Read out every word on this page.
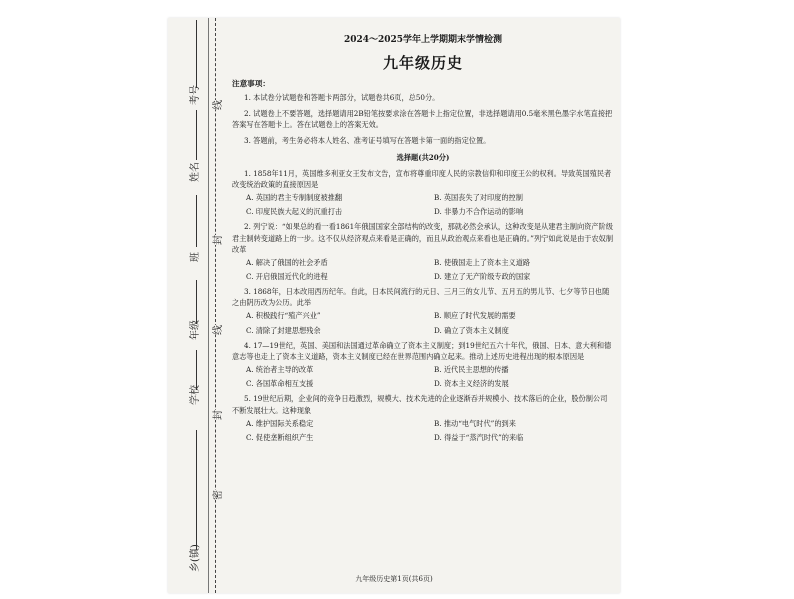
考号
姓名
班
年级
学校
乡(镇)
线
封
线
封
密
2024～2025学年上学期期末学情检测
九年级历史
注意事项：
1. 本试卷分试题卷和答题卡两部分，试题卷共6页，总50分。
2. 试题卷上不要答题，选择题请用2B铅笔按要求涂在答题卡上指定位置，非选择题请用0.5毫米黑色墨字水笔直接把答案写在答题卡上。答在试题卷上的答案无效。
3. 答题前，考生务必将本人姓名、准考证号填写在答题卡第一面的指定位置。
选择题(共20分)
1. 1858年11月，英国维多利亚女王发布文告，宣布将尊重印度人民的宗教信仰和印度王公的权利。导致英国殖民者改变统治政策的直接原因是
A. 英国的君主专制制度被推翻	B. 英国丧失了对印度的控制
C. 印度民族大起义的沉重打击	D. 非暴力不合作运动的影响
2. 列宁说：“如果总的看一看1861年俄国国家全部结构的改变，那就必然会承认，这种改变是从建君主制向资产阶级君主制转变道路上的一步。这不仅从经济观点来看是正确的，而且从政治观点来看也是正确的。”列宁如此说是由于农奴制改革
A. 解决了俄国的社会矛盾	B. 使俄国走上了资本主义道路
C. 开启俄国近代化的进程	D. 建立了无产阶级专政的国家
3. 1868年，日本改用西历纪年。自此，日本民间流行的元日、三月三的女儿节、五月五的男儿节、七夕等节日也随之由阴历改为公历。此举
A. 积极践行“殖产兴业”	B. 顺应了时代发展的需要
C. 清除了封建思想残余	D. 确立了资本主义制度
4. 17—19世纪，英国、美国和法国通过革命确立了资本主义制度；到19世纪五六十年代，俄国、日本、意大利和德意志等也走上了资本主义道路，资本主义制度已经在世界范围内确立起来。推动上述历史进程出现的根本原因是
A. 统治者主导的改革	B. 近代民主思想的传播
C. 各国革命相互支援	D. 资本主义经济的发展
5. 19世纪后期，企业间的竞争日趋激烈，规模大、技术先进的企业逐渐吞并规模小、技术落后的企业，股份制公司不断发展壮大。这种现象
A. 维护国际关系稳定	B. 推动“电气时代”的到来
C. 促使垄断组织产生	D. 得益于“蒸汽时代”的来临
九年级历史第1页(共6页)
